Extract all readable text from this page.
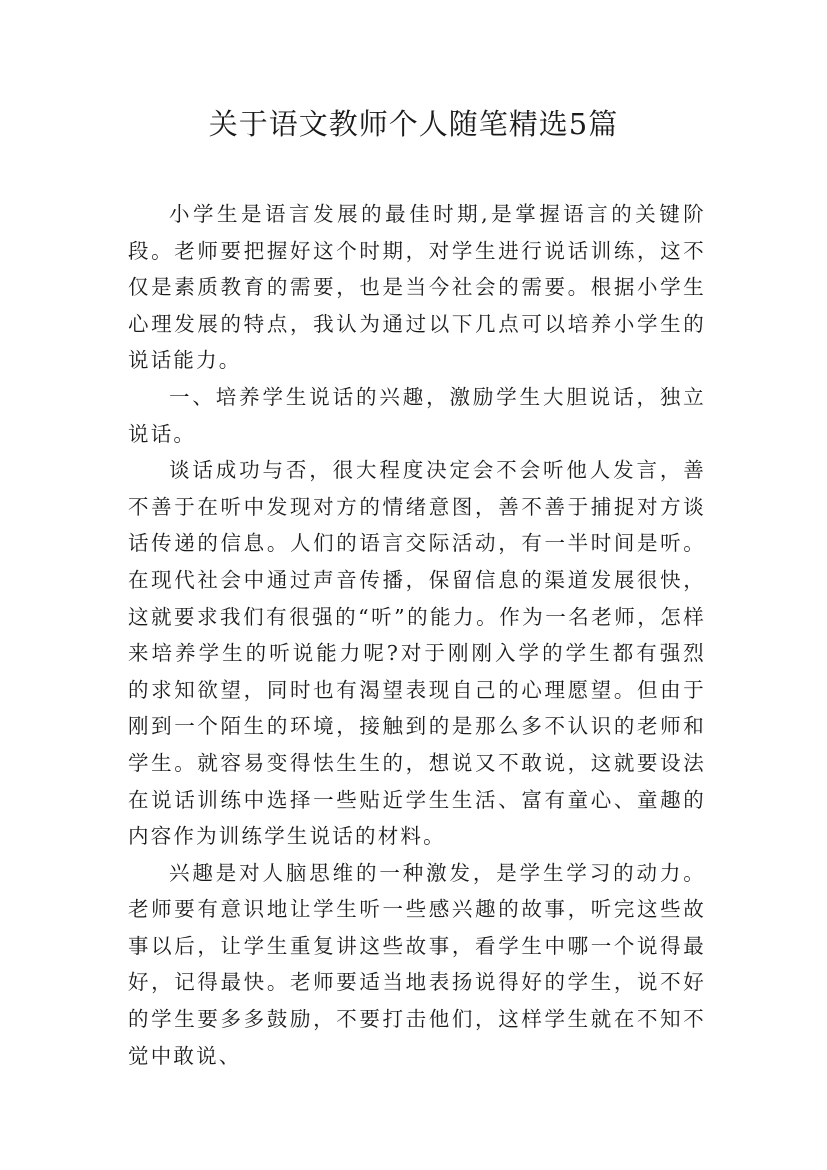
关于语文教师个人随笔精选5篇

小学生是语言发展的最佳时期,是掌握语言的关键阶段。老师要把握好这个时期，对学生进行说话训练，这不仅是素质教育的需要，也是当今社会的需要。根据小学生心理发展的特点，我认为通过以下几点可以培养小学生的说话能力。

一、培养学生说话的兴趣，激励学生大胆说话，独立说话。

谈话成功与否，很大程度决定会不会听他人发言，善不善于在听中发现对方的情绪意图，善不善于捕捉对方谈话传递的信息。人们的语言交际活动，有一半时间是听。在现代社会中通过声音传播，保留信息的渠道发展很快，这就要求我们有很强的“听”的能力。作为一名老师，怎样来培养学生的听说能力呢?对于刚刚入学的学生都有强烈的求知欲望，同时也有渴望表现自己的心理愿望。但由于刚到一个陌生的环境，接触到的是那么多不认识的老师和学生。就容易变得怯生生的，想说又不敢说，这就要设法在说话训练中选择一些贴近学生生活、富有童心、童趣的内容作为训练学生说话的材料。

兴趣是对人脑思维的一种激发，是学生学习的动力。老师要有意识地让学生听一些感兴趣的故事，听完这些故事以后，让学生重复讲这些故事，看学生中哪一个说得最好，记得最快。老师要适当地表扬说得好的学生，说不好的学生要多多鼓励，不要打击他们，这样学生就在不知不觉中敢说、
